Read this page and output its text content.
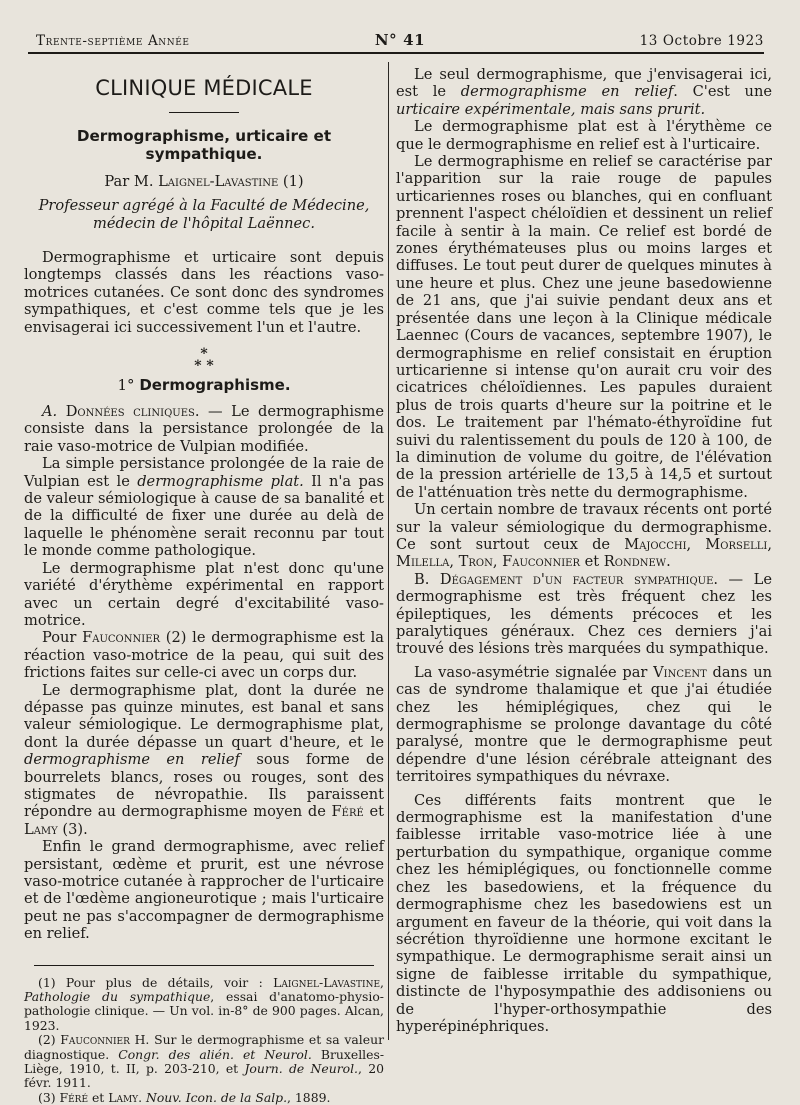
Trente-septième Année	N° 41	13 Octobre 1923
CLINIQUE MÉDICALE
Dermographisme, urticaire et sympathique.
Par M. Laignel-Lavastine (1)
Professeur agrégé à la Faculté de Médecine,
médecin de l'hôpital Laënnec.

Dermographisme et urticaire sont depuis longtemps classés dans les réactions vaso-motrices cutanées. Ce sont donc des syndromes sympathiques, et c'est comme tels que je les envisagerai ici successivement l'un et l'autre.

*
* *
1° Dermographisme.

A. Données cliniques. — Le dermographisme consiste dans la persistance prolongée de la raie vaso-motrice de Vulpian modifiée.

La simple persistance prolongée de la raie de Vulpian est le dermographisme plat. Il n'a pas de valeur sémiologique à cause de sa banalité et de la difficulté de fixer une durée au delà de laquelle le phénomène serait reconnu par tout le monde comme pathologique.

Le dermographisme plat n'est donc qu'une variété d'érythème expérimental en rapport avec un certain degré d'excitabilité vaso-motrice.

Pour Fauconnier (2) le dermographisme est la réaction vaso-motrice de la peau, qui suit des frictions faites sur celle-ci avec un corps dur.

Le dermographisme plat, dont la durée ne dépasse pas quinze minutes, est banal et sans valeur sémiologique. Le dermographisme plat, dont la durée dépasse un quart d'heure, et le dermographisme en relief sous forme de bourrelets blancs, roses ou rouges, sont des stigmates de névropathie. Ils paraissent répondre au dermographisme moyen de Féré et Lamy (3).

Enfin le grand dermographisme, avec relief persistant, œdème et prurit, est une névrose vaso-motrice cutanée à rapprocher de l'urticaire et de l'œdème angioneurotique ; mais l'urticaire peut ne pas s'accompagner de dermographisme en relief.

(1) Pour plus de détails, voir : Laignel-Lavastine, Pathologie du sympathique, essai d'anatomo-physio-pathologie clinique. — Un vol. in-8° de 900 pages. Alcan, 1923.

(2) Fauconnier H. Sur le dermographisme et sa valeur diagnostique. Congr. des alién. et Neurol. Bruxelles-Liège, 1910, t. II, p. 203-210, et Journ. de Neurol., 20 févr. 1911.

(3) Féré et Lamy. Nouv. Icon. de la Salp., 1889.

Le seul dermographisme, que j'envisagerai ici, est le dermographisme en relief. C'est une urticaire expérimentale, mais sans prurit.

Le dermographisme plat est à l'érythème ce que le dermographisme en relief est à l'urticaire.

Le dermographisme en relief se caractérise par l'apparition sur la raie rouge de papules urticariennes roses ou blanches, qui en confluant prennent l'aspect chéloïdien et dessinent un relief facile à sentir à la main. Ce relief est bordé de zones érythémateuses plus ou moins larges et diffuses. Le tout peut durer de quelques minutes à une heure et plus. Chez une jeune basedowienne de 21 ans, que j'ai suivie pendant deux ans et présentée dans une leçon à la Clinique médicale Laennec (Cours de vacances, septembre 1907), le dermographisme en relief consistait en éruption urticarienne si intense qu'on aurait cru voir des cicatrices chéloïdiennes. Les papules duraient plus de trois quarts d'heure sur la poitrine et le dos. Le traitement par l'hémato-éthyroïdine fut suivi du ralentissement du pouls de 120 à 100, de la diminution de volume du goitre, de l'élévation de la pression artérielle de 13,5 à 14,5 et surtout de l'atténuation très nette du dermographisme.

Un certain nombre de travaux récents ont porté sur la valeur sémiologique du dermographisme. Ce sont surtout ceux de Majocchi, Morselli, Milella, Tron, Fauconnier et Rondnew.

B. Dégagement d'un facteur sympathique. — Le dermographisme est très fréquent chez les épileptiques, les déments précoces et les paralytiques généraux. Chez ces derniers j'ai trouvé des lésions très marquées du sympathique.

La vaso-asymétrie signalée par Vincent dans un cas de syndrome thalamique et que j'ai étudiée chez les hémiplégiques, chez qui le dermographisme se prolonge davantage du côté paralysé, montre que le dermographisme peut dépendre d'une lésion cérébrale atteignant des territoires sympathiques du névraxe.

Ces différents faits montrent que le dermographisme est la manifestation d'une faiblesse irritable vaso-motrice liée à une perturbation du sympathique, organique comme chez les hémiplégiques, ou fonctionnelle comme chez les basedowiens, et la fréquence du dermographisme chez les basedowiens est un argument en faveur de la théorie, qui voit dans la sécrétion thyroïdienne une hormone excitant le sympathique. Le dermographisme serait ainsi un signe de faiblesse irritable du sympathique, distincte de l'hyposympathie des addisoniens ou de l'hyper-orthosympathie des hyperépinéphriques.
